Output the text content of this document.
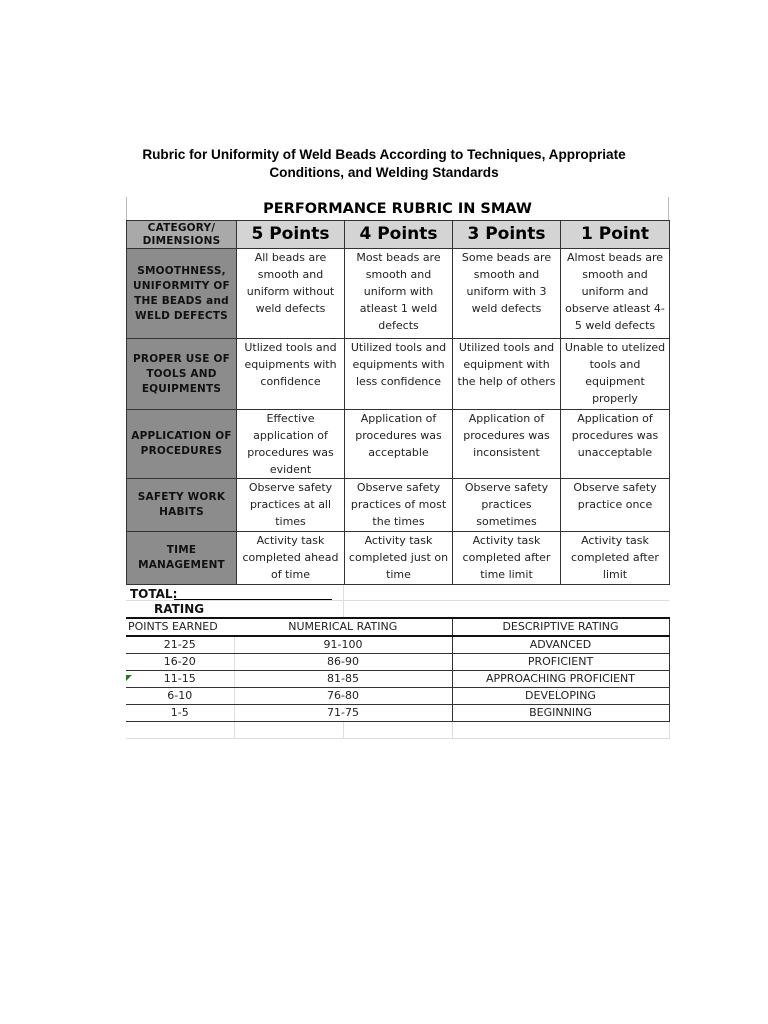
Rubric for Uniformity of Weld Beads According to Techniques, Appropriate
Conditions, and Welding Standards
PERFORMANCE RUBRIC IN SMAW
CATEGORY/ DIMENSIONS	5 Points	4 Points	3 Points	1 Point
SMOOTHNESS, UNIFORMITY OF THE BEADS and WELD DEFECTS	All beads are smooth and uniform without weld defects	Most beads are smooth and uniform with atleast 1 weld defects	Some beads are smooth and uniform with 3 weld defects	Almost beads are smooth and uniform and observe atleast 4-5 weld defects
PROPER USE OF TOOLS AND EQUIPMENTS	Utlized tools and equipments with confidence	Utilized tools and equipments with less confidence	Utilized tools and equipment with the help of others	Unable to utelized tools and equipment properly
APPLICATION OF PROCEDURES	Effective application of procedures was evident	Application of procedures was acceptable	Application of procedures was inconsistent	Application of procedures was unacceptable
SAFETY WORK HABITS	Observe safety practices at all times	Observe safety practices of most the times	Observe safety practices sometimes	Observe safety practice once
TIME MANAGEMENT	Activity task completed ahead of time	Activity task completed just on time	Activity task completed after time limit	Activity task completed after limit
TOTAL:
RATING
POINTS EARNED	NUMERICAL RATING		DESCRIPTIVE RATING
21-25	91-100		ADVANCED
16-20	86-90		PROFICIENT
11-15	81-85		APPROACHING PROFICIENT
6-10	76-80		DEVELOPING
1-5	71-75		BEGINNING
